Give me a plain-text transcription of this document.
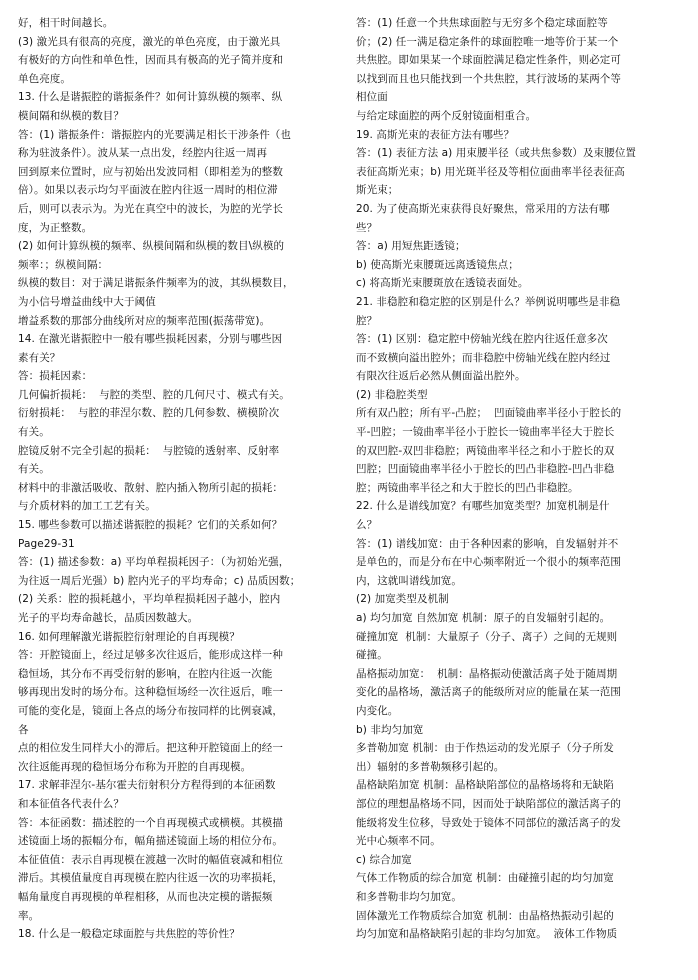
好，相干时间越长。
(3) 激光具有很高的亮度，激光的单色亮度，由于激光具
有极好的方向性和单色性，因而具有极高的光子简并度和
单色亮度。
13. 什么是谐振腔的谐振条件？如何计算纵模的频率、纵
模间隔和纵模的数目？
答：(1) 谐振条件：谐振腔内的光要满足相长干涉条件（也
称为驻波条件）。波从某一点出发，经腔内往返一周再
回到原来位置时，应与初始出发波同相（即相差为的整数
倍）。如果以表示均匀平面波在腔内往返一周时的相位滞
后，则可以表示为。为光在真空中的波长，为腔的光学长
度，为正整数。
(2) 如何计算纵模的频率、纵模间隔和纵模的数目\纵模的
频率：；纵模间隔：
纵模的数目：对于满足谐振条件频率为的波，其纵模数目，
为小信号增益曲线中大于阈值
增益系数的那部分曲线所对应的频率范围(振荡带宽)。
14. 在激光谐振腔中一般有哪些损耗因素，分别与哪些因
素有关？
答：损耗因素：
几何偏折损耗：  与腔的类型、腔的几何尺寸、模式有关。
衍射损耗：  与腔的菲涅尔数、腔的几何参数、横模阶次
有关。
腔镜反射不完全引起的损耗：  与腔镜的透射率、反射率
有关。
材料中的非激活吸收、散射、腔内插入物所引起的损耗：
与介质材料的加工工艺有关。
15. 哪些参数可以描述谐振腔的损耗？它们的关系如何？
Page29-31
答：(1) 描述参数：a) 平均单程损耗因子：（为初始光强，
为往返一周后光强）b) 腔内光子的平均寿命；c) 品质因数；
(2) 关系：腔的损耗越小，平均单程损耗因子越小，腔内
光子的平均寿命越长，品质因数越大。
16. 如何理解激光谐振腔衍射理论的自再现模？
答：开腔镜面上，经过足够多次往返后，能形成这样一种
稳恒场，其分布不再受衍射的影响，在腔内往返一次能
够再现出发时的场分布。这种稳恒场经一次往返后，唯一
可能的变化是，镜面上各点的场分布按同样的比例衰减，
各
点的相位发生同样大小的滞后。把这种开腔镜面上的经一
次往返能再现的稳恒场分布称为开腔的自再现模。
17. 求解菲涅尔-基尔霍夫衍射积分方程得到的本征函数
和本征值各代表什么？
答：本征函数：描述腔的一个自再现模式或横模。其模描
述镜面上场的振幅分布，幅角描述镜面上场的相位分布。
本征值值：表示自再现模在渡越一次时的幅值衰减和相位
滞后。其模值量度自再现模在腔内往返一次的功率损耗，
幅角量度自再现模的单程相移，从而也决定模的谐振频
率。
18. 什么是一般稳定球面腔与共焦腔的等价性？
答：(1) 任意一个共焦球面腔与无穷多个稳定球面腔等
价；(2) 任一满足稳定条件的球面腔唯一地等价于某一个
共焦腔。即如果某一个球面腔满足稳定性条件，则必定可
以找到而且也只能找到一个共焦腔，其行波场的某两个等
相位面
与给定球面腔的两个反射镜面相重合。
19. 高斯光束的表征方法有哪些？
答：(1) 表征方法 a) 用束腰半径（或共焦参数）及束腰位置
表征高斯光束；b) 用光斑半径及等相位面曲率半径表征高
斯光束；
20. 为了使高斯光束获得良好聚焦，常采用的方法有哪
些？
答：a) 用短焦距透镜；
b) 使高斯光束腰斑远离透镜焦点；
c) 将高斯光束腰斑放在透镜表面处。
21. 非稳腔和稳定腔的区别是什么？举例说明哪些是非稳
腔？
答：(1) 区别：稳定腔中傍轴光线在腔内往返任意多次
而不致横向溢出腔外；而非稳腔中傍轴光线在腔内经过
有限次往返后必然从侧面溢出腔外。
(2) 非稳腔类型
所有双凸腔；所有平-凸腔；  凹面镜曲率半径小于腔长的
平-凹腔；一镜曲率半径小于腔长一镜曲率半径大于腔长
的双凹腔-双凹非稳腔；两镜曲率半径之和小于腔长的双
凹腔；凹面镜曲率半径小于腔长的凹凸非稳腔-凹凸非稳
腔；两镜曲率半径之和大于腔长的凹凸非稳腔。
22. 什么是谱线加宽？有哪些加宽类型？加宽机制是什
么？
答：(1) 谱线加宽：由于各种因素的影响，自发辐射并不
是单色的，而是分布在中心频率附近一个很小的频率范围
内，这就叫谱线加宽。
(2) 加宽类型及机制
a) 均匀加宽 自然加宽 机制：原子的自发辐射引起的。
碰撞加宽  机制：大量原子（分子、离子）之间的无规则
碰撞。
晶格振动加宽：  机制：晶格振动使激活离子处于随周期
变化的晶格场，激活离子的能级所对应的能量在某一范围
内变化。
b) 非均匀加宽
多普勒加宽 机制：由于作热运动的发光原子（分子所发
出）辐射的多普勒频移引起的。
晶格缺陷加宽 机制：晶格缺陷部位的晶格场将和无缺陷
部位的理想晶格场不同，因而处于缺陷部位的激活离子的
能级将发生位移，导致处于镜体不同部位的激活离子的发
光中心频率不同。
c) 综合加宽
气体工作物质的综合加宽 机制：由碰撞引起的均匀加宽
和多普勒非均匀加宽。
固体激光工作物质综合加宽 机制：由晶格热振动引起的
均匀加宽和晶格缺陷引起的非均匀加宽。  液体工作物质
